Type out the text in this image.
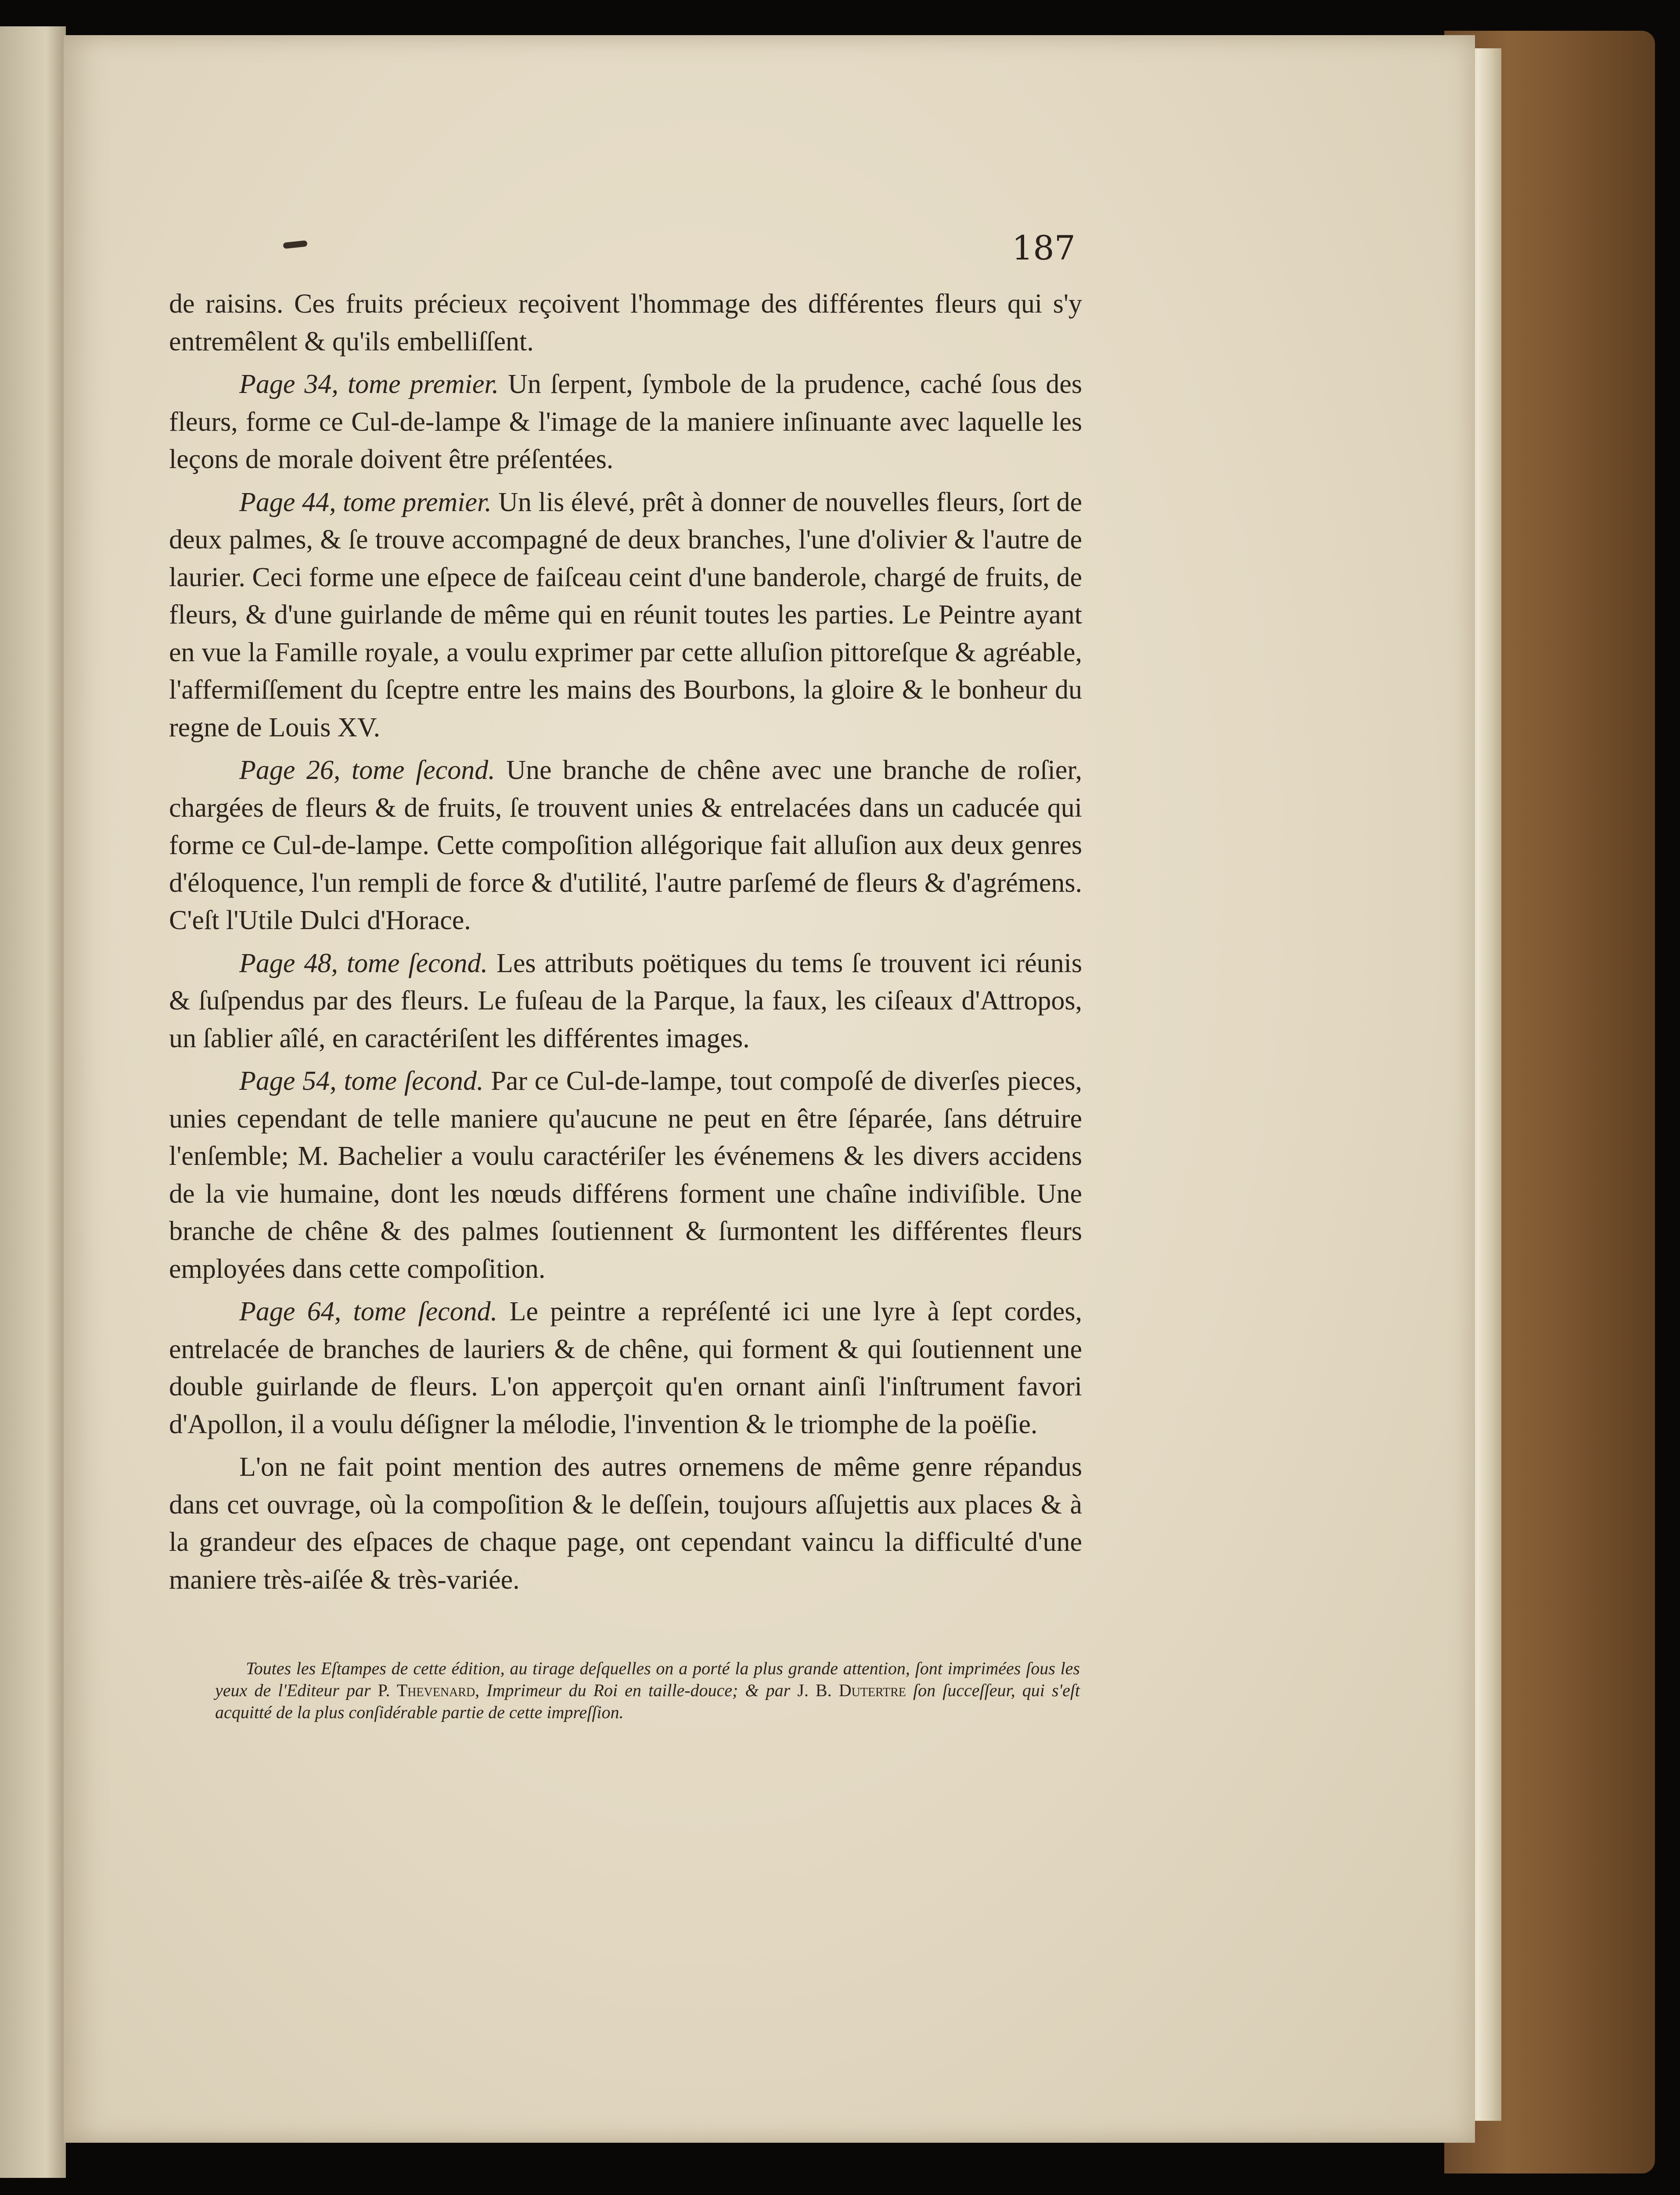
187

de raisins. Ces fruits précieux reçoivent l'hommage des différentes fleurs qui s'y entremêlent & qu'ils embelliſſent.

Page 34, tome premier. Un ſerpent, ſymbole de la prudence, caché ſous des fleurs, forme ce Cul-de-lampe & l'image de la maniere inſinuante avec laquelle les leçons de morale doivent être préſentées.

Page 44, tome premier. Un lis élevé, prêt à donner de nouvelles fleurs, ſort de deux palmes, & ſe trouve accompagné de deux branches, l'une d'olivier & l'autre de laurier. Ceci forme une eſpece de faiſceau ceint d'une banderole, chargé de fruits, de fleurs, & d'une guirlande de même qui en réunit toutes les parties. Le Peintre ayant en vue la Famille royale, a voulu exprimer par cette alluſion pittoreſque & agréable, l'affermiſſement du ſceptre entre les mains des Bourbons, la gloire & le bonheur du regne de Louis XV.

Page 26, tome ſecond. Une branche de chêne avec une branche de roſier, chargées de fleurs & de fruits, ſe trouvent unies & entrelacées dans un caducée qui forme ce Cul-de-lampe. Cette compoſition allégorique fait alluſion aux deux genres d'éloquence, l'un rempli de force & d'utilité, l'autre parſemé de fleurs & d'agrémens. C'eſt l'Utile Dulci d'Horace.

Page 48, tome ſecond. Les attributs poëtiques du tems ſe trouvent ici réunis & ſuſpendus par des fleurs. Le fuſeau de la Parque, la faux, les ciſeaux d'Attropos, un ſablier aîlé, en caractériſent les différentes images.

Page 54, tome ſecond. Par ce Cul-de-lampe, tout compoſé de diverſes pieces, unies cependant de telle maniere qu'aucune ne peut en être ſéparée, ſans détruire l'enſemble; M. Bachelier a voulu caractériſer les événemens & les divers accidens de la vie humaine, dont les nœuds différens forment une chaîne indiviſible. Une branche de chêne & des palmes ſoutiennent & ſurmontent les différentes fleurs employées dans cette compoſition.

Page 64, tome ſecond. Le peintre a repréſenté ici une lyre à ſept cordes, entrelacée de branches de lauriers & de chêne, qui forment & qui ſoutiennent une double guirlande de fleurs. L'on apperçoit qu'en ornant ainſi l'inſtrument favori d'Apollon, il a voulu déſigner la mélodie, l'invention & le triomphe de la poëſie.

L'on ne fait point mention des autres ornemens de même genre répandus dans cet ouvrage, où la compoſition & le deſſein, toujours aſſujettis aux places & à la grandeur des eſpaces de chaque page, ont cependant vaincu la difficulté d'une maniere très-aiſée & très-variée.

Toutes les Eſtampes de cette édition, au tirage deſquelles on a porté la plus grande attention, ſont imprimées ſous les yeux de l'Editeur par P. Thevenard, Imprimeur du Roi en taille-douce; & par J. B. Dutertre ſon ſucceſſeur, qui s'eſt acquitté de la plus conſidérable partie de cette impreſſion.
